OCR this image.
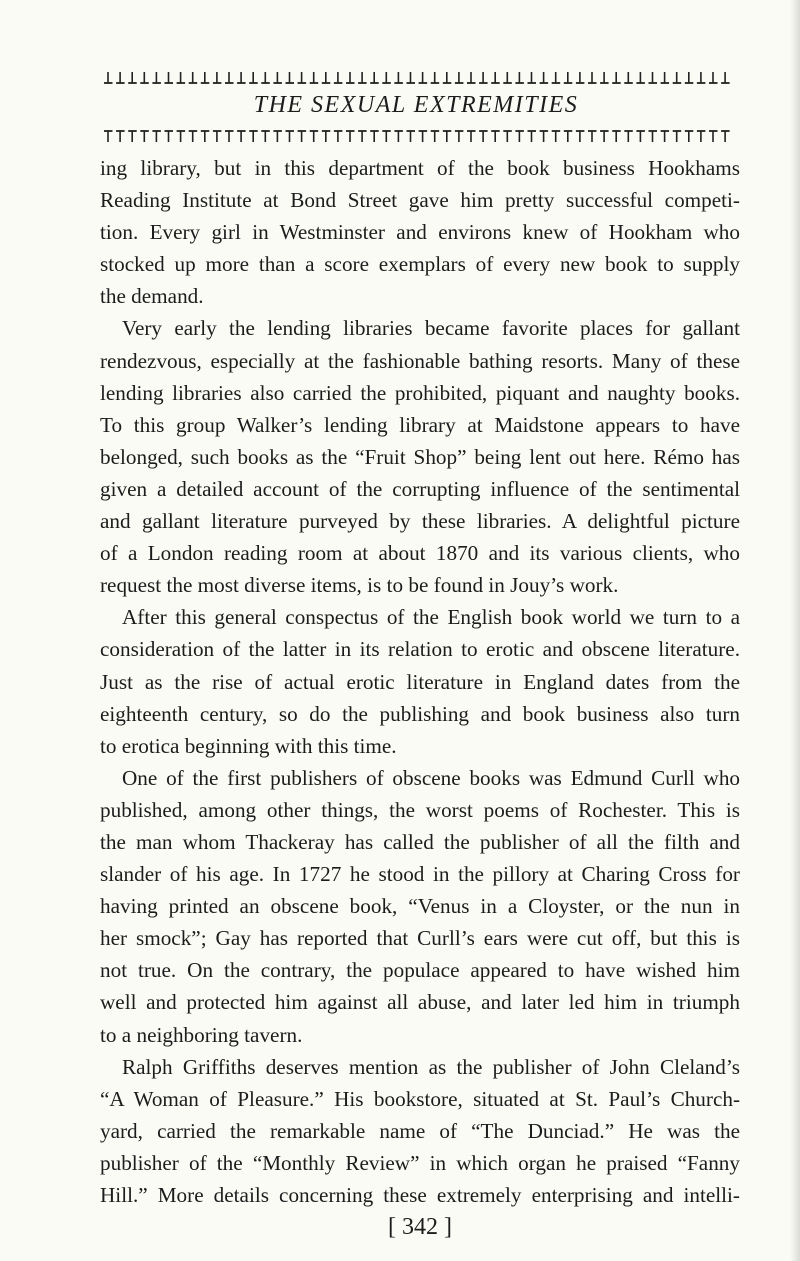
THE SEXUAL EXTREMITIES
ing library, but in this department of the book business Hookhams
Reading Institute at Bond Street gave him pretty successful competi-
tion. Every girl in Westminster and environs knew of Hookham who
stocked up more than a score exemplars of every new book to supply
the demand.
Very early the lending libraries became favorite places for gallant
rendezvous, especially at the fashionable bathing resorts. Many of these
lending libraries also carried the prohibited, piquant and naughty books.
To this group Walker’s lending library at Maidstone appears to have
belonged, such books as the “Fruit Shop” being lent out here. Rémo has
given a detailed account of the corrupting influence of the sentimental
and gallant literature purveyed by these libraries. A delightful picture
of a London reading room at about 1870 and its various clients, who
request the most diverse items, is to be found in Jouy’s work.
After this general conspectus of the English book world we turn to a
consideration of the latter in its relation to erotic and obscene literature.
Just as the rise of actual erotic literature in England dates from the
eighteenth century, so do the publishing and book business also turn
to erotica beginning with this time.
One of the first publishers of obscene books was Edmund Curll who
published, among other things, the worst poems of Rochester. This is
the man whom Thackeray has called the publisher of all the filth and
slander of his age. In 1727 he stood in the pillory at Charing Cross for
having printed an obscene book, “Venus in a Cloyster, or the nun in
her smock”; Gay has reported that Curll’s ears were cut off, but this is
not true. On the contrary, the populace appeared to have wished him
well and protected him against all abuse, and later led him in triumph
to a neighboring tavern.
Ralph Griffiths deserves mention as the publisher of John Cleland’s
“A Woman of Pleasure.” His bookstore, situated at St. Paul’s Church-
yard, carried the remarkable name of “The Dunciad.” He was the
publisher of the “Monthly Review” in which organ he praised “Fanny
Hill.” More details concerning these extremely enterprising and intelli-
[ 342 ]
